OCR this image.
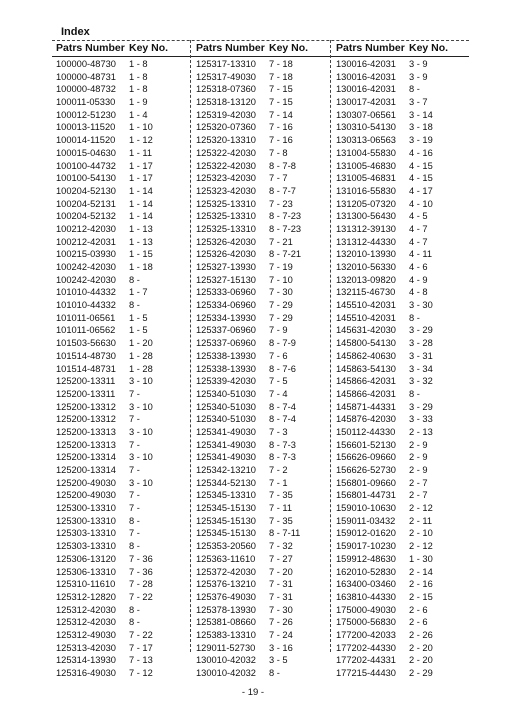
Index
Patrs Number Key No.
100000-48730 1 - 8
100000-48731 1 - 8
100000-48732 1 - 8
100011-05330 1 - 9
100012-51230 1 - 4
100013-11520 1 - 10
100014-11520 1 - 12
100015-04630 1 - 11
100100-44732 1 - 17
100100-54130 1 - 17
100204-52130 1 - 14
100204-52131 1 - 14
100204-52132 1 - 14
100212-42030 1 - 13
100212-42031 1 - 13
100215-03930 1 - 15
100242-42030 1 - 18
100242-42030 8 -
101010-44332 1 - 7
101010-44332 8 -
101011-06561 1 - 5
101011-06562 1 - 5
101503-56630 1 - 20
101514-48730 1 - 28
101514-48731 1 - 28
125200-13311 3 - 10
125200-13311 7 -
125200-13312 3 - 10
125200-13312 7 -
125200-13313 3 - 10
125200-13313 7 -
125200-13314 3 - 10
125200-13314 7 -
125200-49030 3 - 10
125200-49030 7 -
125300-13310 7 -
125300-13310 8 -
125303-13310 7 -
125303-13310 8 -
125306-13120 7 - 36
125306-13310 7 - 36
125310-11610 7 - 28
125312-12820 7 - 22
125312-42030 8 -
125312-42030 8 -
125312-49030 7 - 22
125313-42030 7 - 17
125314-13930 7 - 13
125316-49030 7 - 12
Patrs Number Key No.
125317-13310 7 - 18
125317-49030 7 - 18
125318-07360 7 - 15
125318-13120 7 - 15
125319-42030 7 - 14
125320-07360 7 - 16
125320-13310 7 - 16
125322-42030 7 - 8
125322-42030 8 - 7-8
125323-42030 7 - 7
125323-42030 8 - 7-7
125325-13310 7 - 23
125325-13310 8 - 7-23
125325-13310 8 - 7-23
125326-42030 7 - 21
125326-42030 8 - 7-21
125327-13930 7 - 19
125327-15130 7 - 10
125333-06960 7 - 30
125334-06960 7 - 29
125334-13930 7 - 29
125337-06960 7 - 9
125337-06960 8 - 7-9
125338-13930 7 - 6
125338-13930 8 - 7-6
125339-42030 7 - 5
125340-51030 7 - 4
125340-51030 8 - 7-4
125340-51030 8 - 7-4
125341-49030 7 - 3
125341-49030 8 - 7-3
125341-49030 8 - 7-3
125342-13210 7 - 2
125344-52130 7 - 1
125345-13310 7 - 35
125345-15130 7 - 11
125345-15130 7 - 35
125345-15130 8 - 7-11
125353-20560 7 - 32
125363-11610 7 - 27
125372-42030 7 - 20
125376-13210 7 - 31
125376-49030 7 - 31
125378-13930 7 - 30
125381-08660 7 - 26
125383-13310 7 - 24
129011-52730 3 - 16
130010-42032 3 - 5
130010-42032 8 -
Patrs Number Key No.
130016-42031 3 - 9
130016-42031 3 - 9
130016-42031 8 -
130017-42031 3 - 7
130307-06561 3 - 14
130310-54130 3 - 18
130313-06563 3 - 19
131004-55830 4 - 16
131005-46830 4 - 15
131005-46831 4 - 15
131016-55830 4 - 17
131205-07320 4 - 10
131300-56430 4 - 5
131312-39130 4 - 7
131312-44330 4 - 7
132010-13930 4 - 11
132010-56330 4 - 6
132013-09820 4 - 9
132115-46730 4 - 8
145510-42031 3 - 30
145510-42031 8 -
145631-42030 3 - 29
145800-54130 3 - 28
145862-40630 3 - 31
145863-54130 3 - 34
145866-42031 3 - 32
145866-42031 8 -
145871-44331 3 - 29
145876-42030 3 - 33
150112-44330 2 - 13
156601-52130 2 - 9
156626-09660 2 - 9
156626-52730 2 - 9
156801-09660 2 - 7
156801-44731 2 - 7
159010-10630 2 - 12
159011-03432 2 - 11
159012-01620 2 - 10
159017-10230 2 - 12
159912-48630 1 - 30
162010-52830 2 - 14
163400-03460 2 - 16
163810-44330 2 - 15
175000-49030 2 - 6
175000-56830 2 - 6
177200-42033 2 - 26
177202-44330 2 - 20
177202-44331 2 - 20
177215-44430 2 - 29
- 19 -
